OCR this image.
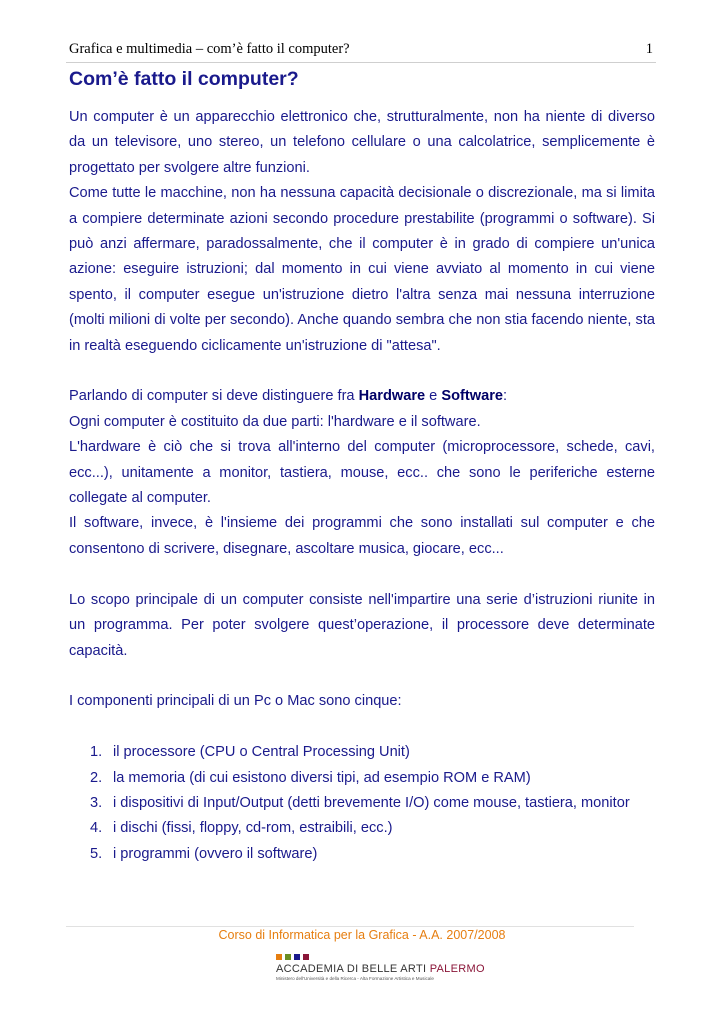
Grafica e multimedia – com’è fatto il computer?	1
Com’è fatto il computer?

Un computer è un apparecchio elettronico che, strutturalmente, non ha niente di diverso da un televisore, uno stereo, un telefono cellulare o una calcolatrice, semplicemente è progettato per svolgere altre funzioni.

Come tutte le macchine, non ha nessuna capacità decisionale o discrezionale, ma si limita a compiere determinate azioni secondo procedure prestabilite (programmi o software). Si può anzi affermare, paradossalmente, che il computer è in grado di compiere un'unica azione: eseguire istruzioni; dal momento in cui viene avviato al momento in cui viene spento, il computer esegue un'istruzione dietro l'altra senza mai nessuna interruzione (molti milioni di volte per secondo). Anche quando sembra che non stia facendo niente, sta in realtà eseguendo ciclicamente un'istruzione di "attesa".

Parlando di computer si deve distinguere fra Hardware e Software:

Ogni computer è costituito da due parti: l'hardware e il software.

L'hardware è ciò che si trova all'interno del computer (microprocessore, schede, cavi, ecc...), unitamente a monitor, tastiera, mouse, ecc.. che sono le periferiche esterne collegate al computer.

Il software, invece, è l'insieme dei programmi che sono installati sul computer e che consentono di scrivere, disegnare, ascoltare musica, giocare, ecc...

Lo scopo principale di un computer consiste nell'impartire una serie d’istruzioni riunite in un programma. Per poter svolgere quest’operazione, il processore deve determinate capacità.

I componenti principali di un Pc o Mac sono cinque:

1. il processore (CPU o Central Processing Unit)
2. la memoria (di cui esistono diversi tipi, ad esempio ROM e RAM)
3. i dispositivi di Input/Output (detti brevemente I/O) come mouse, tastiera, monitor
4. i dischi (fissi, floppy, cd-rom, estraibili, ecc.)
5. i programmi (ovvero il software)
Corso di Informatica per la Grafica - A.A. 2007/2008
ACCADEMIA DI BELLE ARTI PALERMO
Ministero dell'Università e della Ricerca - Alta Formazione Artistica e Musicale
